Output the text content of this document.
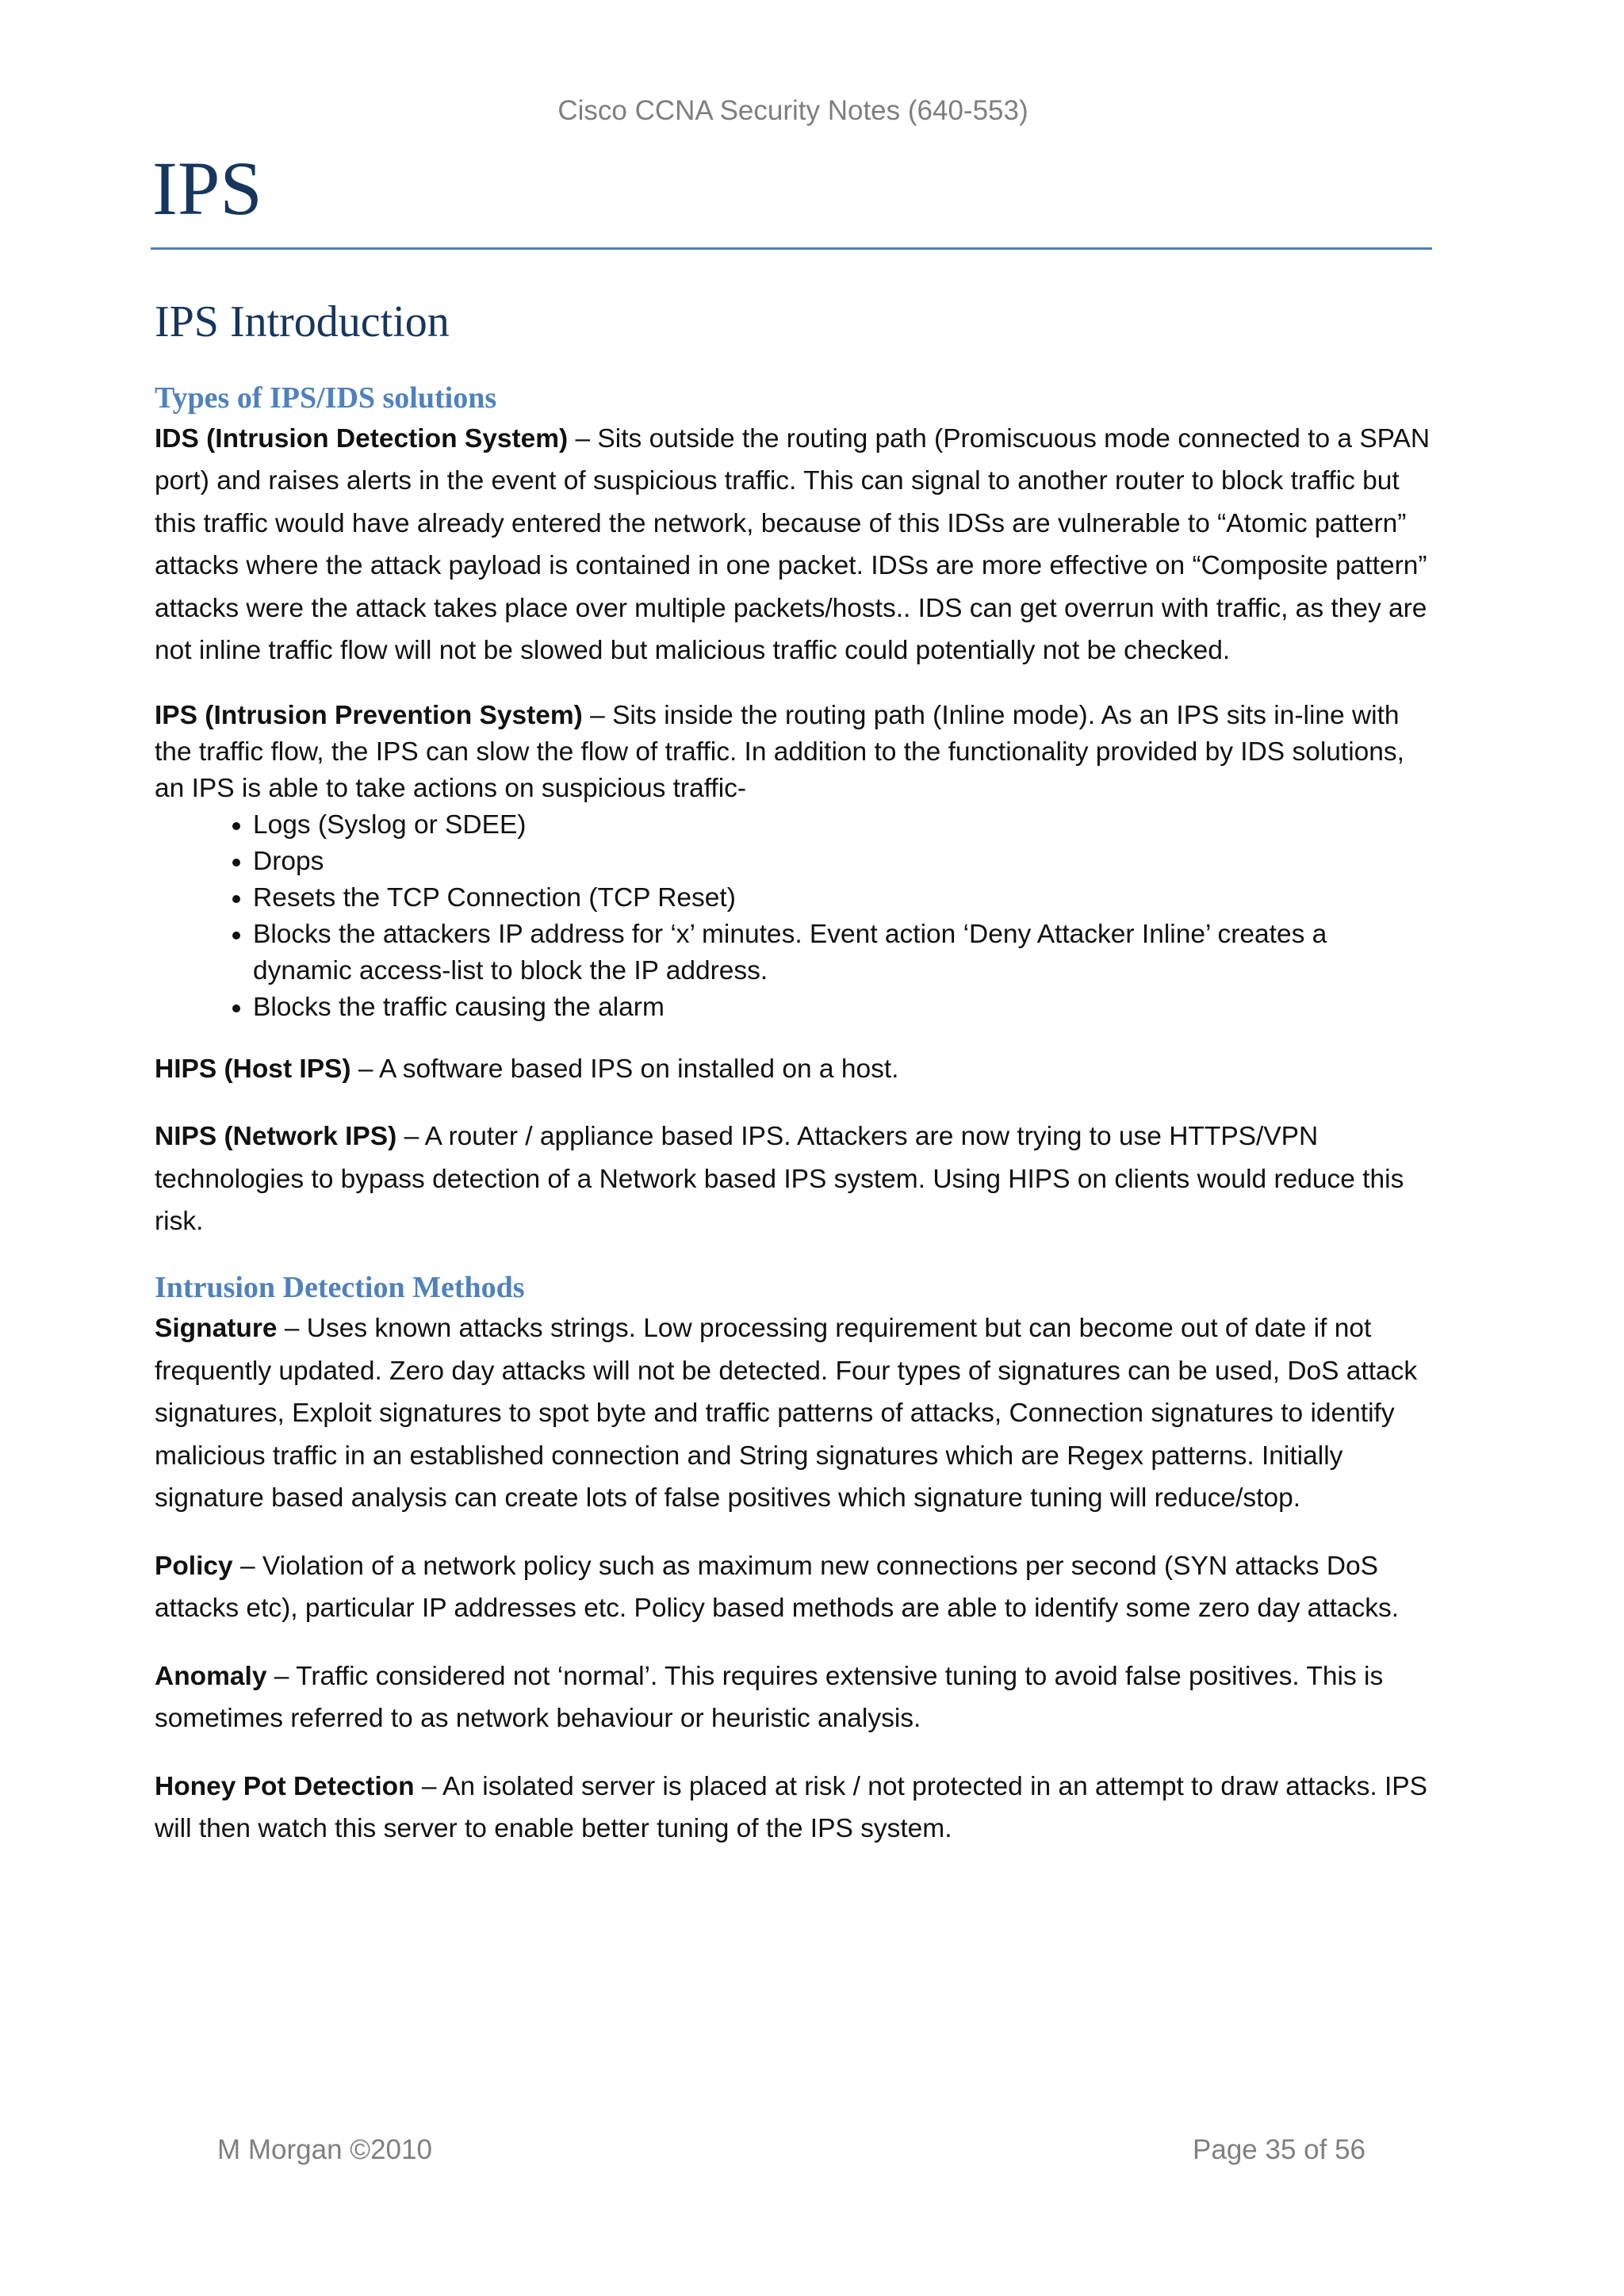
Cisco CCNA Security Notes (640-553)
IPS
IPS Introduction
Types of IPS/IDS solutions

IDS (Intrusion Detection System) – Sits outside the routing path (Promiscuous mode connected to a SPAN port) and raises alerts in the event of suspicious traffic. This can signal to another router to block traffic but this traffic would have already entered the network, because of this IDSs are vulnerable to “Atomic pattern” attacks where the attack payload is contained in one packet. IDSs are more effective on “Composite pattern” attacks were the attack takes place over multiple packets/hosts.. IDS can get overrun with traffic, as they are not inline traffic flow will not be slowed but malicious traffic could potentially not be checked.

IPS (Intrusion Prevention System) – Sits inside the routing path (Inline mode). As an IPS sits in-line with the traffic flow, the IPS can slow the flow of traffic. In addition to the functionality provided by IDS solutions, an IPS is able to take actions on suspicious traffic-

• Logs (Syslog or SDEE)
• Drops
• Resets the TCP Connection (TCP Reset)
• Blocks the attackers IP address for ‘x’ minutes. Event action ‘Deny Attacker Inline’ creates a dynamic access-list to block the IP address.
• Blocks the traffic causing the alarm

HIPS (Host IPS) – A software based IPS on installed on a host.

NIPS (Network IPS) – A router / appliance based IPS. Attackers are now trying to use HTTPS/VPN technologies to bypass detection of a Network based IPS system. Using HIPS on clients would reduce this risk.

Intrusion Detection Methods

Signature – Uses known attacks strings. Low processing requirement but can become out of date if not frequently updated. Zero day attacks will not be detected. Four types of signatures can be used, DoS attack signatures, Exploit signatures to spot byte and traffic patterns of attacks, Connection signatures to identify malicious traffic in an established connection and String signatures which are Regex patterns. Initially signature based analysis can create lots of false positives which signature tuning will reduce/stop.

Policy – Violation of a network policy such as maximum new connections per second (SYN attacks DoS attacks etc), particular IP addresses etc. Policy based methods are able to identify some zero day attacks.

Anomaly – Traffic considered not ‘normal’. This requires extensive tuning to avoid false positives. This is sometimes referred to as network behaviour or heuristic analysis.

Honey Pot Detection – An isolated server is placed at risk / not protected in an attempt to draw attacks. IPS will then watch this server to enable better tuning of the IPS system.

M Morgan ©2010	Page 35 of 56
